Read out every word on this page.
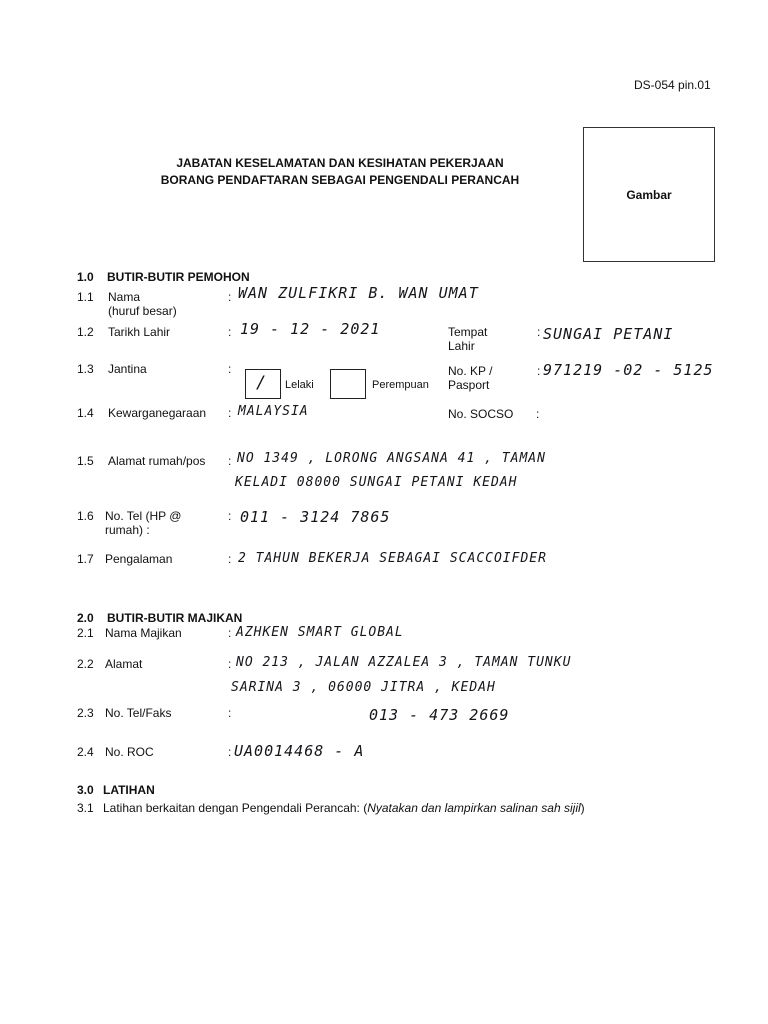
DS-054 pin.01
JABATAN KESELAMATAN DAN KESIHATAN PEKERJAAN
BORANG PENDAFTARAN SEBAGAI PENGENDALI PERANCAH
Gambar
1.0 BUTIR-BUTIR PEMOHON
1.1 Nama
(huruf besar)
: WAN ZULFIKRI B. WAN UMAT
1.2 Tarikh Lahir	: 19 - 12 - 2021	Tempat
Lahir
: SUNGAI PETANI
1.3 Jantina	:
/ Lelaki	Perempuan
No. KP /
Pasport
: 971219 -02 - 5125
1.4 Kewarganegaraan : MALAYSIA	No. SOCSO :
1.5 Alamat rumah/pos : NO 1349 , LORONG ANGSANA 41 , TAMAN
KELADI 08000 SUNGAI PETANI KEDAH
1.6 No. Tel (HP @
rumah) :
: 011 - 3124 7865
1.7 Pengalaman	: 2 TAHUN BEKERJA SEBAGAI SCACCOIFDER
2.0 BUTIR-BUTIR MAJIKAN
2.1 Nama Majikan	: AZHKEN SMART GLOBAL
2.2 Alamat	: NO 213 , JALAN AZZALEA 3 , TAMAN TUNKU
SARINA 3 , 06000 JITRA , KEDAH
2.3 No. Tel/Faks	:	013 - 473 2669
2.4 No. ROC	: UA0014468 - A
3.0 LATIHAN
3.1 Latihan berkaitan dengan Pengendali Perancah: (Nyatakan dan lampirkan salinan sah sijil)
